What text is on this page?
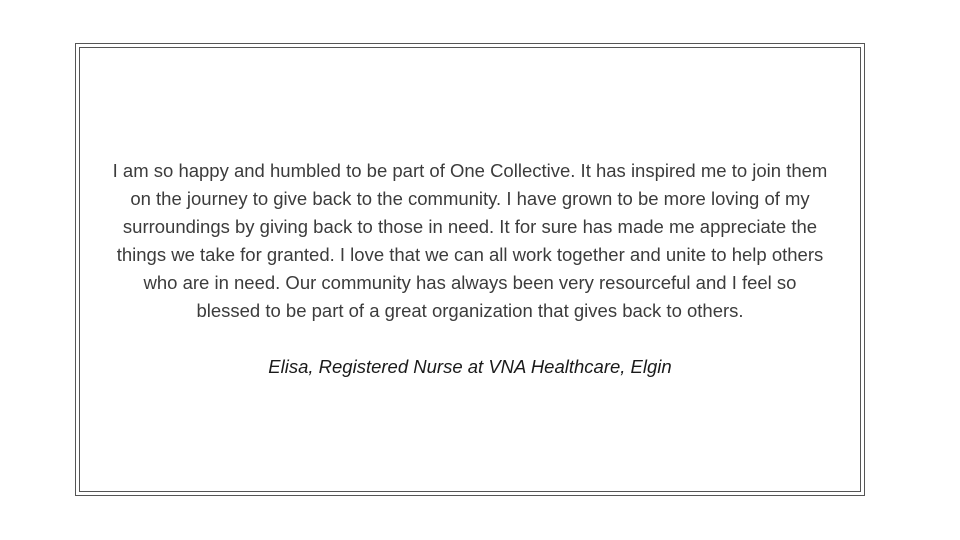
I am so happy and humbled to be part of One Collective. It has inspired me to join them
on the journey to give back to the community. I have grown to be more loving of my
surroundings by giving back to those in need. It for sure has made me appreciate the
things we take for granted. I love that we can all work together and unite to help others
who are in need. Our community has always been very resourceful and I feel so
blessed to be part of a great organization that gives back to others.

Elisa, Registered Nurse at VNA Healthcare, Elgin
